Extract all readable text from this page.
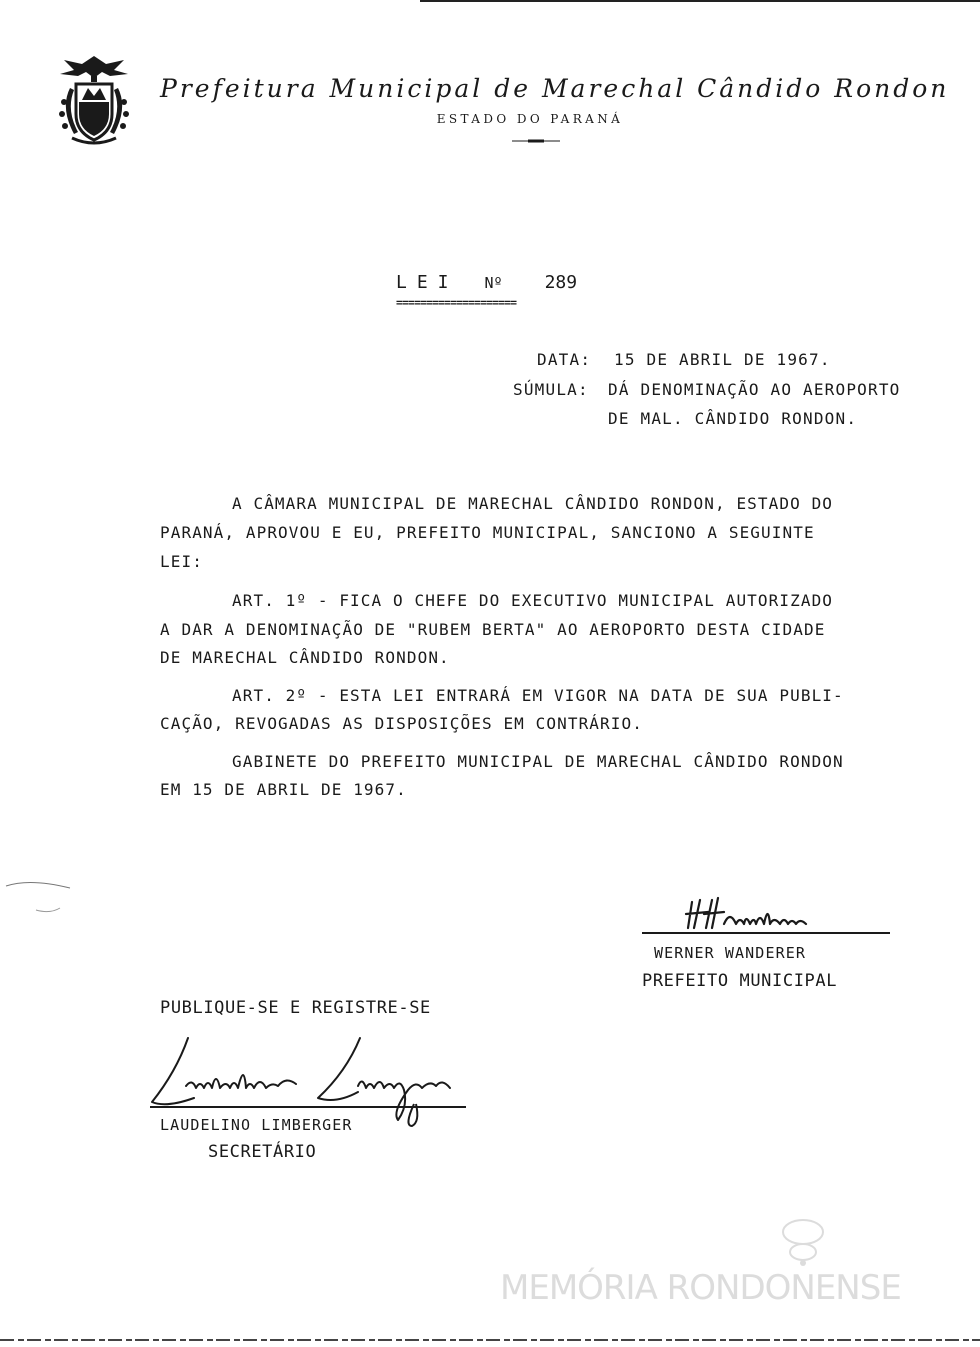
Prefeitura Municipal de Marechal Cândido Rondon
ESTADO DO PARANÁ
LEI Nº 289
====================
DATA: 15 DE ABRIL DE 1967.
SÚMULA: DÁ DENOMINAÇÃO AO AEROPORTO
DE MAL. CÂNDIDO RONDON.
A CÂMARA MUNICIPAL DE MARECHAL CÂNDIDO RONDON, ESTADO DO
PARANÁ, APROVOU E EU, PREFEITO MUNICIPAL, SANCIONO A SEGUINTE
LEI:
ART. 1º - FICA O CHEFE DO EXECUTIVO MUNICIPAL AUTORIZADO
A DAR A DENOMINAÇÃO DE "RUBEM BERTA" AO AEROPORTO DESTA CIDADE
DE MARECHAL CÂNDIDO RONDON.
ART. 2º - ESTA LEI ENTRARÁ EM VIGOR NA DATA DE SUA PUBLI-
CAÇÃO, REVOGADAS AS DISPOSIÇÕES EM CONTRÁRIO.
GABINETE DO PREFEITO MUNICIPAL DE MARECHAL CÂNDIDO RONDON
EM 15 DE ABRIL DE 1967.
WERNER WANDERER
PREFEITO MUNICIPAL
PUBLIQUE-SE E REGISTRE-SE
LAUDELINO LIMBERGER
SECRETÁRIO
MEMÓRIA RONDONENSE
